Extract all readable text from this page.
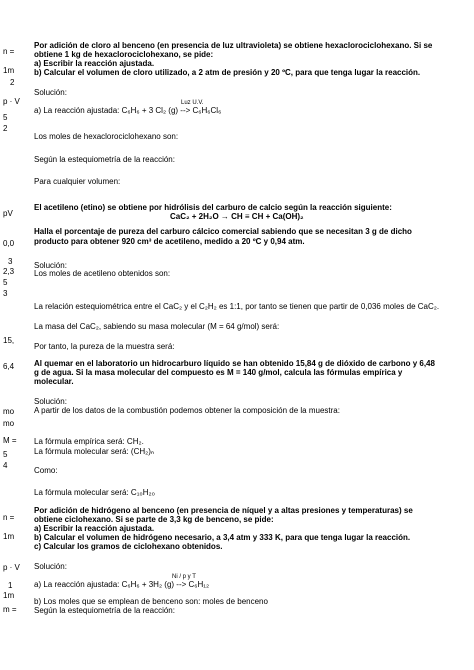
n =
1m
2
p · V
5
2
pV
0,0
3
2,3
5
3
15,
6,4
mo
mo
M =
5
4
n =
1m
p · V
1
1m
m =
Por adición de cloro al benceno (en presencia de luz ultravioleta) se obtiene hexaclorociclohexano. Si se
obtiene 1 kg de hexaclorociclohexano, se pide:
a) Escribir la reacción ajustada.
b) Calcular el volumen de cloro utilizado, a 2 atm de presión y 20 ºC, para que tenga lugar la reacción.
Solución:
Luz U.V.
a) La reacción ajustada: C₆H₆ + 3 Cl₂ (g) --> C₆H₆Cl₆
Los moles de hexaclorociclohexano son:
Según la estequiometría de la reacción:
Para cualquier volumen:
El acetileno (etino) se obtiene por hidrólisis del carburo de calcio según la reacción siguiente:
CaC₂ + 2H₂O → CH ≡ CH + Ca(OH)₂
Halla el porcentaje de pureza del carburo cálcico comercial sabiendo que se necesitan 3 g de dicho
producto para obtener 920 cm³ de acetileno, medido a 20 ºC y 0,94 atm.
Solución:
Los moles de acetileno obtenidos son:
La relación estequiométrica entre el CaC₂ y el C₂H₂ es 1:1, por tanto se tienen que partir de 0,036 moles de CaC₂.
La masa del CaC₂, sabiendo su masa molecular (M = 64 g/mol) será:
Por tanto, la pureza de la muestra será:
Al quemar en el laboratorio un hidrocarburo líquido se han obtenido 15,84 g de dióxido de carbono y 6,48
g de agua. Si la masa molecular del compuesto es M = 140 g/mol, calcula las fórmulas empírica y
molecular.
Solución:
A partir de los datos de la combustión podemos obtener la composición de la muestra:
La fórmula empírica será: CH₂.
La fórmula molecular será: (CH₂)ₙ
Como:
La fórmula molecular será: C₁₀H₂₀
Por adición de hidrógeno al benceno (en presencia de níquel y a altas presiones y temperaturas) se
obtiene ciclohexano. Si se parte de 3,3 kg de benceno, se pide:
a) Escribir la reacción ajustada.
b) Calcular el volumen de hidrógeno necesario, a 3,4 atm y 333 K, para que tenga lugar la reacción.
c) Calcular los gramos de ciclohexano obtenidos.
Solución:
Ni / p y T
a) La reacción ajustada: C₆H₆ + 3H₂ (g) --> C₆H₁₂
b) Los moles que se emplean de benceno son: moles de benceno
Según la estequiometría de la reacción:
